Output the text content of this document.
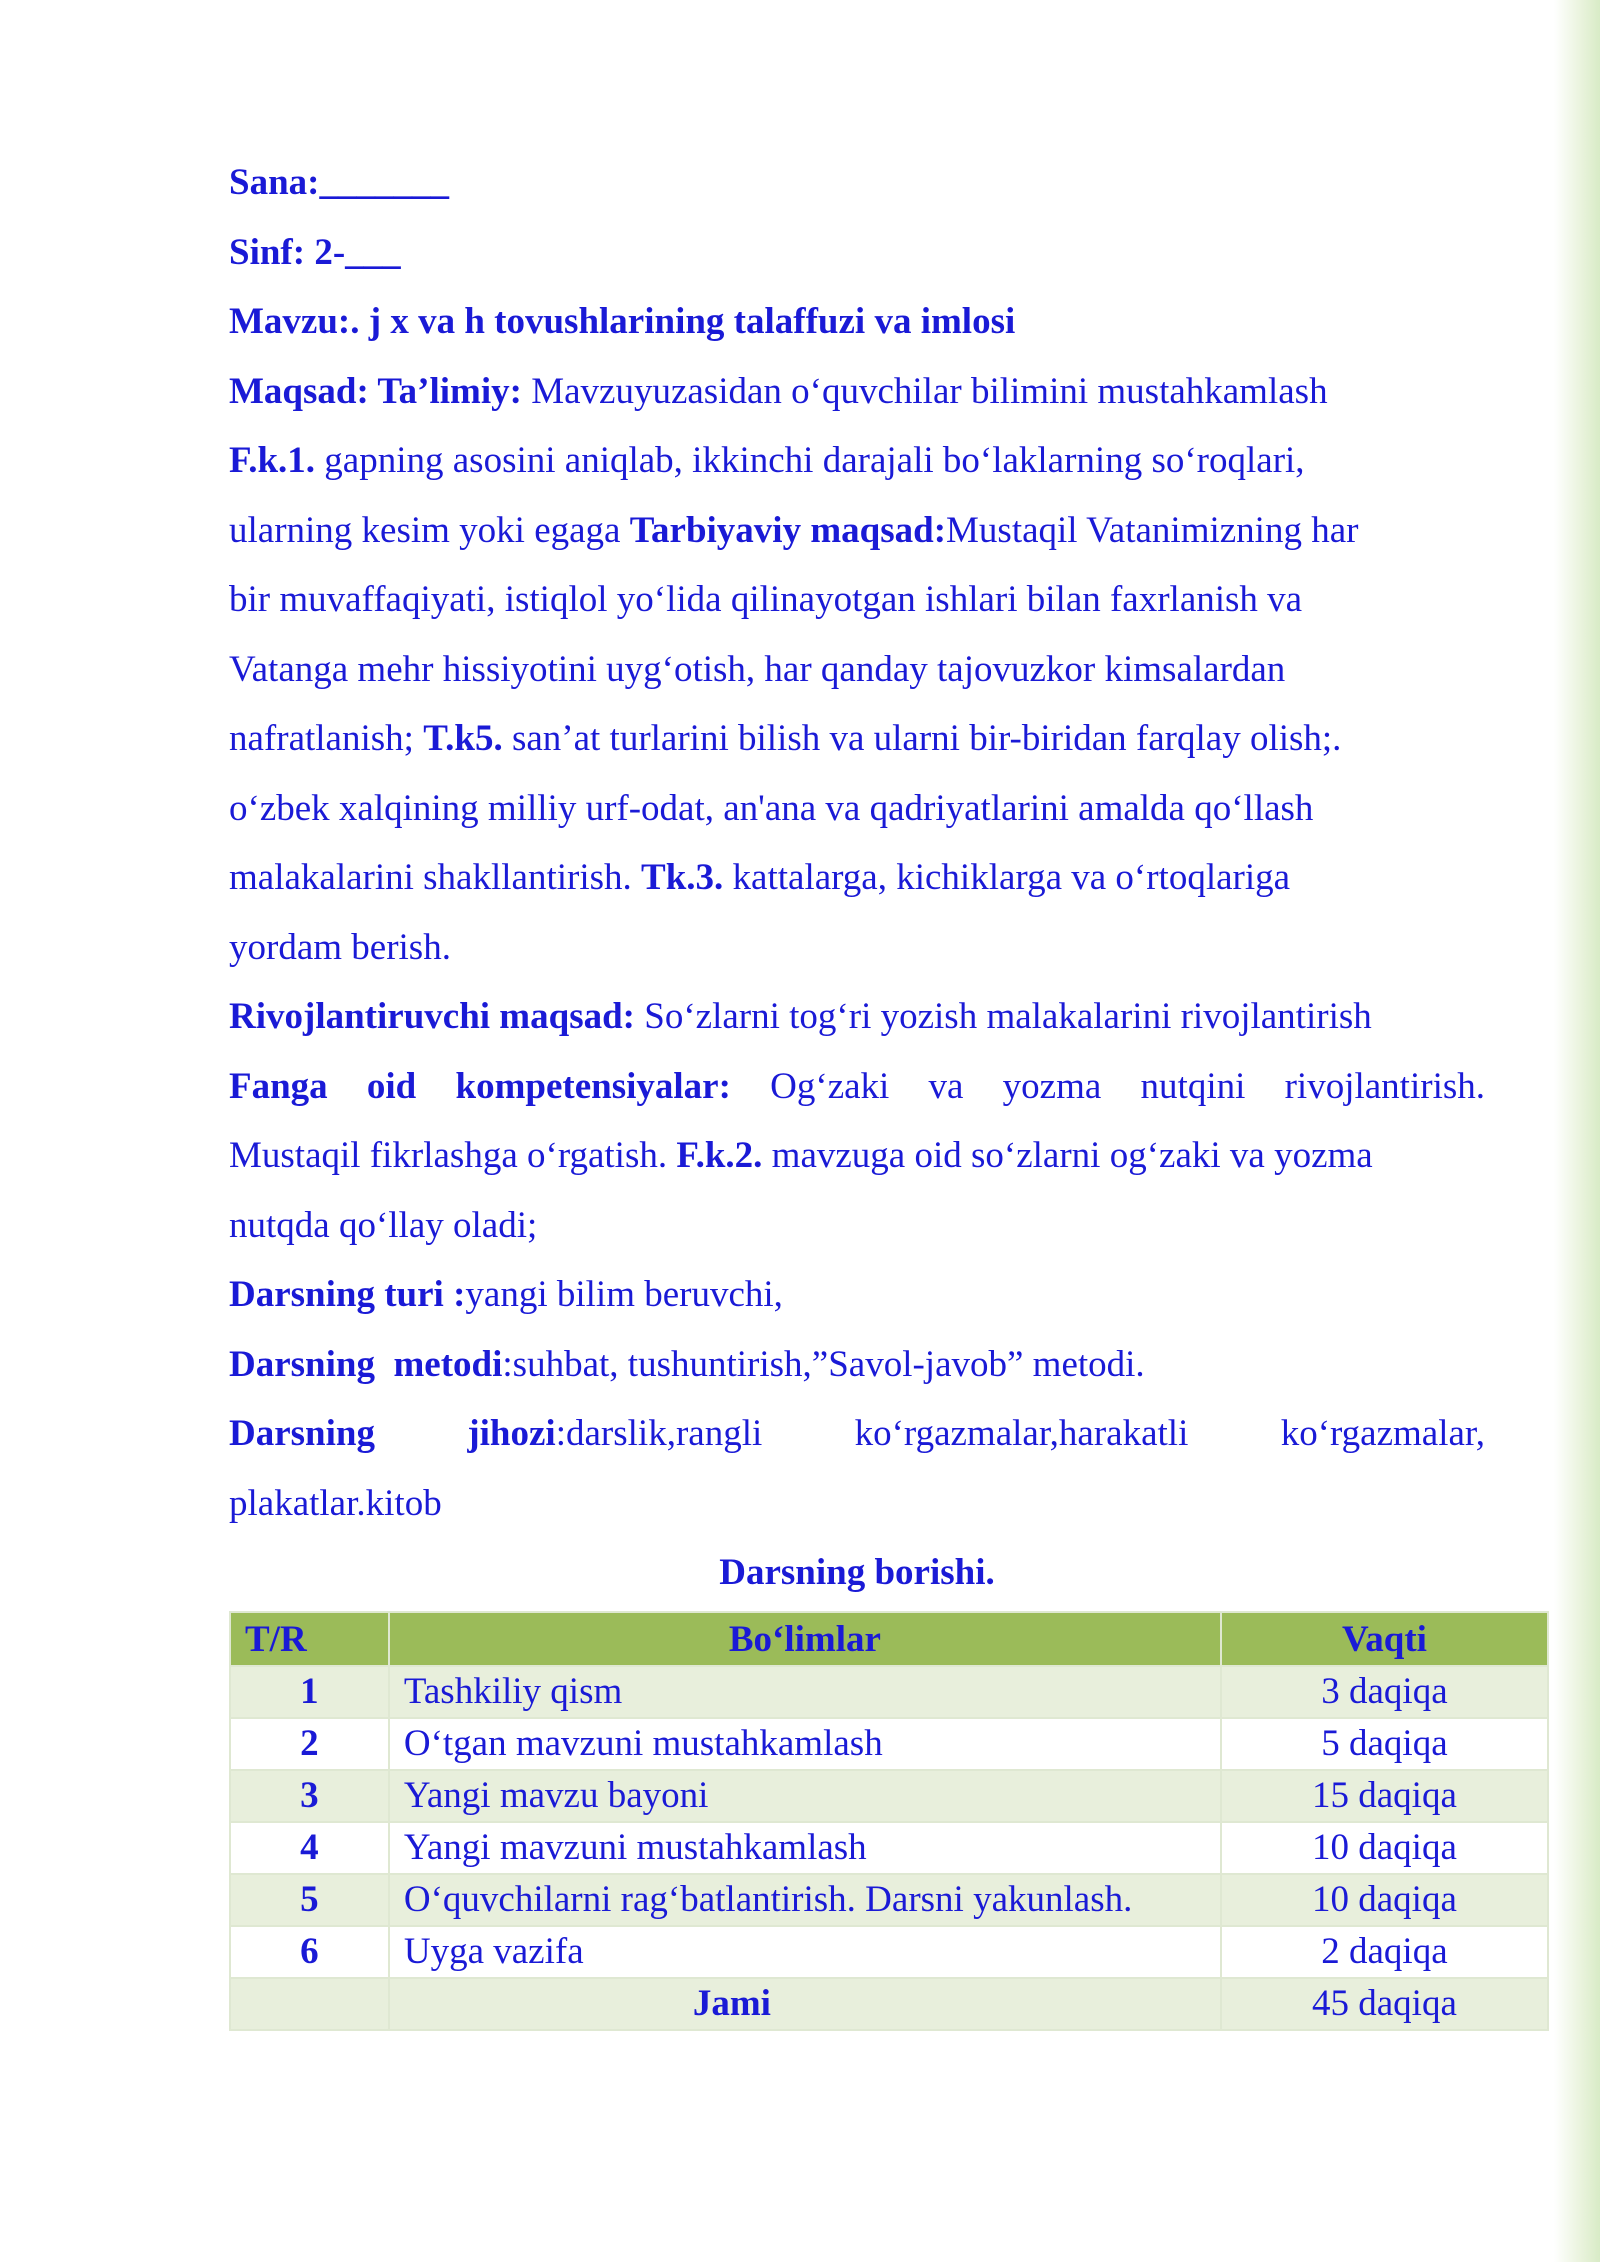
Sana:_______

Sinf: 2-___

Mavzu:. j x va h tovushlarining talaffuzi va imlosi

Maqsad: Ta’limiy: Mavzuyuzasidan o‘quvchilar bilimini mustahkamlash

F.k.1. gapning asosini aniqlab, ikkinchi darajali bo‘laklarning so‘roqlari,

ularning kesim yoki egaga Tarbiyaviy maqsad:Mustaqil Vatanimizning har

bir muvaffaqiyati, istiqlol yo‘lida qilinayotgan ishlari bilan faxrlanish va

Vatanga mehr hissiyotini uyg‘otish, har qanday tajovuzkor kimsalardan

nafratlanish; T.k5. san’at turlarini bilish va ularni bir-biridan farqlay olish;.

o‘zbek xalqining milliy urf-odat, an'ana va qadriyatlarini amalda qo‘llash

malakalarini shakllantirish. Tk.3. kattalarga, kichiklarga va o‘rtoqlariga

yordam berish.

Rivojlantiruvchi maqsad: So‘zlarni tog‘ri yozish malakalarini rivojlantirish

Fanga oid kompetensiyalar: Og‘zaki va yozma nutqini rivojlantirish.

Mustaqil fikrlashga o‘rgatish. F.k.2. mavzuga oid so‘zlarni og‘zaki va yozma

nutqda qo‘llay oladi;

Darsning turi :yangi bilim beruvchi,

Darsning  metodi:suhbat, tushuntirish,”Savol-javob” metodi.

Darsning jihozi:darslik,rangli ko‘rgazmalar,harakatli ko‘rgazmalar,

plakatlar.kitob

Darsning borishi.

T/R	Bo‘limlar	Vaqti
1	Tashkiliy qism	3 daqiqa
2	O‘tgan mavzuni mustahkamlash	5 daqiqa
3	Yangi mavzu bayoni	15 daqiqa
4	Yangi mavzuni mustahkamlash	10 daqiqa
5	O‘quvchilarni rag‘batlantirish. Darsni yakunlash.	10 daqiqa
6	Uyga vazifa	2 daqiqa
	Jami	45 daqiqa
